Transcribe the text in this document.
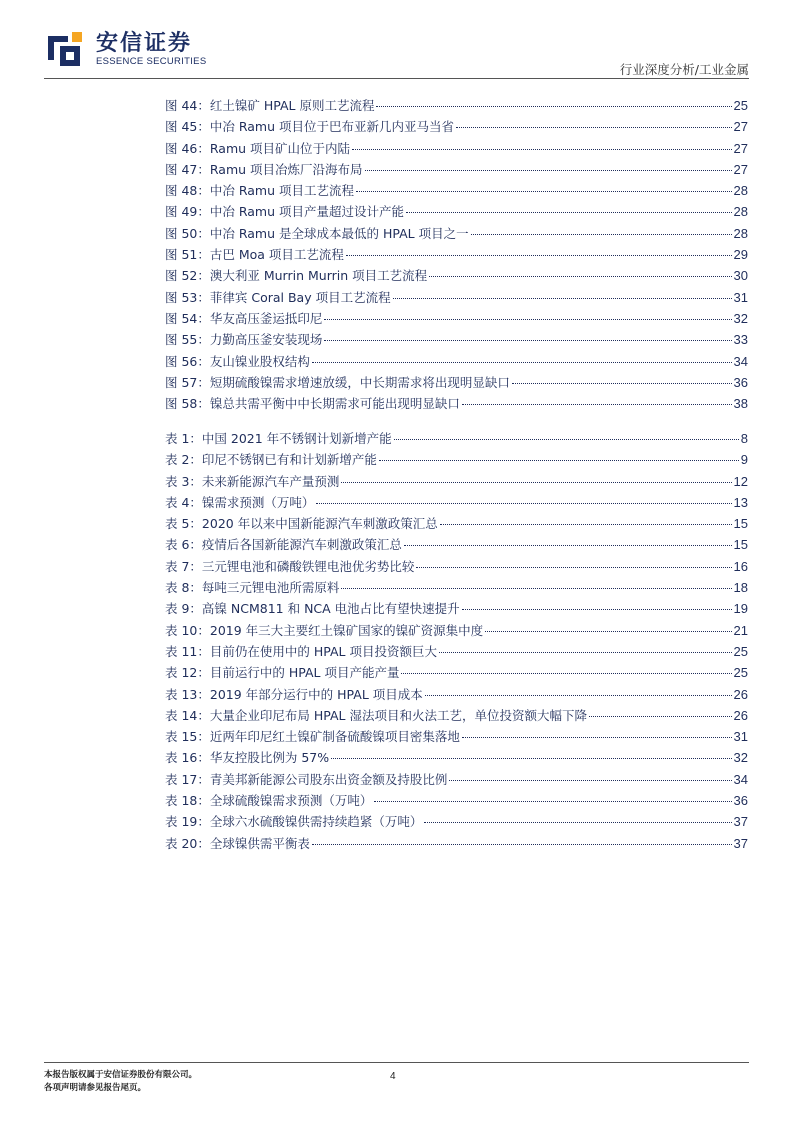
安信证券
ESSENCE SECURITIES
行业深度分析/工业金属
图 44：红土镍矿 HPAL 原则工艺流程	25
图 45：中冶 Ramu 项目位于巴布亚新几内亚马当省	27
图 46：Ramu 项目矿山位于内陆	27
图 47：Ramu 项目冶炼厂沿海布局	27
图 48：中冶 Ramu 项目工艺流程	28
图 49：中冶 Ramu 项目产量超过设计产能	28
图 50：中冶 Ramu 是全球成本最低的 HPAL 项目之一	28
图 51：古巴 Moa 项目工艺流程	29
图 52：澳大利亚 Murrin Murrin 项目工艺流程	30
图 53：菲律宾 Coral Bay 项目工艺流程	31
图 54：华友高压釜运抵印尼	32
图 55：力勤高压釜安装现场	33
图 56：友山镍业股权结构	34
图 57：短期硫酸镍需求增速放缓，中长期需求将出现明显缺口	36
图 58：镍总共需平衡中中长期需求可能出现明显缺口	38
表 1：中国 2021 年不锈钢计划新增产能	8
表 2：印尼不锈钢已有和计划新增产能	9
表 3：未来新能源汽车产量预测	12
表 4：镍需求预测（万吨）	13
表 5：2020 年以来中国新能源汽车刺激政策汇总	15
表 6：疫情后各国新能源汽车刺激政策汇总	15
表 7：三元锂电池和磷酸铁锂电池优劣势比较	16
表 8：每吨三元锂电池所需原料	18
表 9：高镍 NCM811 和 NCA 电池占比有望快速提升	19
表 10：2019 年三大主要红土镍矿国家的镍矿资源集中度	21
表 11：目前仍在使用中的 HPAL 项目投资额巨大	25
表 12：目前运行中的 HPAL 项目产能产量	25
表 13：2019 年部分运行中的 HPAL 项目成本	26
表 14：大量企业印尼布局 HPAL 湿法项目和火法工艺，单位投资额大幅下降	26
表 15：近两年印尼红土镍矿制备硫酸镍项目密集落地	31
表 16：华友控股比例为 57%	32
表 17：青美邦新能源公司股东出资金额及持股比例	34
表 18：全球硫酸镍需求预测（万吨）	36
表 19：全球六水硫酸镍供需持续趋紧（万吨）	37
表 20：全球镍供需平衡表	37
本报告版权属于安信证券股份有限公司。
各项声明请参见报告尾页。
4
